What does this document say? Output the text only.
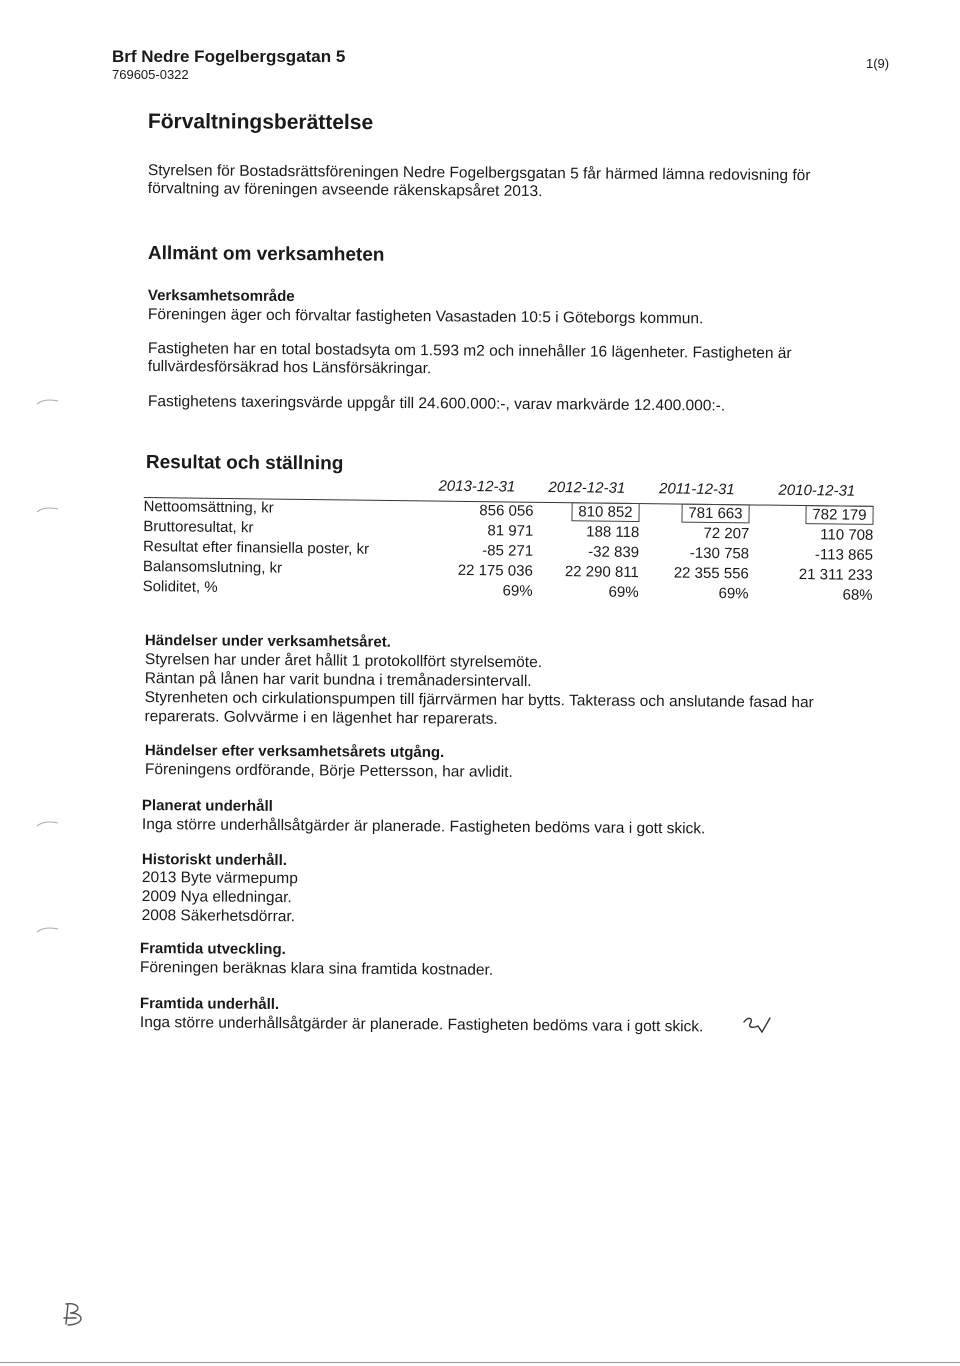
Brf Nedre Fogelbergsgatan 5
769605-0322
1(9)
Förvaltningsberättelse
Styrelsen för Bostadsrättsföreningen Nedre Fogelbergsgatan 5 får härmed lämna redovisning för
förvaltning av föreningen avseende räkenskapsåret 2013.
Allmänt om verksamheten
Verksamhetsområde
Föreningen äger och förvaltar fastigheten Vasastaden 10:5 i Göteborgs kommun.
Fastigheten har en total bostadsyta om 1.593 m2 och innehåller 16 lägenheter. Fastigheten är
fullvärdesförsäkrad hos Länsförsäkringar.
Fastighetens taxeringsvärde uppgår till 24.600.000:-, varav markvärde 12.400.000:-.
Resultat och ställning
2013-12-31	2012-12-31	2011-12-31	2010-12-31
Nettoomsättning, kr	856 056	810 852	781 663	782 179
Bruttoresultat, kr	81 971	188 118	72 207	110 708
Resultat efter finansiella poster, kr	-85 271	-32 839	-130 758	-113 865
Balansomslutning, kr	22 175 036	22 290 811	22 355 556	21 311 233
Soliditet, %	69%	69%	69%	68%
Händelser under verksamhetsåret.
Styrelsen har under året hållit 1 protokollfört styrelsemöte.
Räntan på lånen har varit bundna i tremånadersintervall.
Styrenheten och cirkulationspumpen till fjärrvärmen har bytts. Takterass och anslutande fasad har
reparerats. Golvvärme i en lägenhet har reparerats.
Händelser efter verksamhetsårets utgång.
Föreningens ordförande, Börje Pettersson, har avlidit.
Planerat underhåll
Inga större underhållsåtgärder är planerade. Fastigheten bedöms vara i gott skick.
Historiskt underhåll.
2013 Byte värmepump
2009 Nya elledningar.
2008 Säkerhetsdörrar.
Framtida utveckling.
Föreningen beräknas klara sina framtida kostnader.
Framtida underhåll.
Inga större underhållsåtgärder är planerade. Fastigheten bedöms vara i gott skick.
